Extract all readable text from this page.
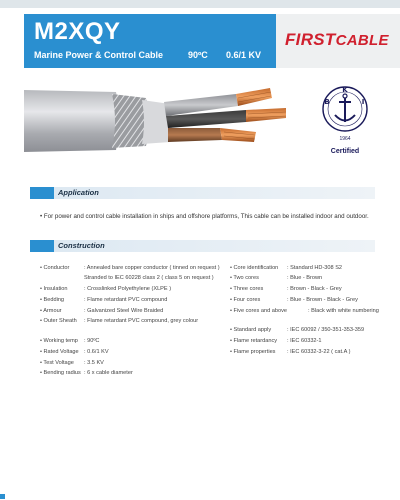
M2XQY
Marine Power & Control Cable	90ºC 0.6/1 KV
FIRSTCABLE
K
B	I
1964
Certified
Application
• For power and control cable installation in ships and offshore platforms, This cable can be installed indoor and outdoor.
Construction
• Conductor	: Annealed bare copper conductor ( tinned on request )
Stranded to IEC 60228 class 2 ( class 5 on request )
• Insulation	: Crosslinked Polyethylene (XLPE )
• Bedding	: Flame retardant PVC compound
• Armour	: Galvanized Steel Wire Braided
• Outer Sheath : Flame retardant PVC compound, grey colour
• Working temp : 90ºC
• Rated Voltage : 0.6/1 KV
• Test Voltage : 3.5 KV
• Bending radius : 6 x cable diameter
• Core identification : Standard HD-308 S2
• Two cores	: Blue - Brown
• Three cores	: Brown - Black - Grey
• Four cores	: Blue - Brown - Black - Grey
• Five cores and above	: Black with white numbering
• Standard apply	: IEC 60092 / 350-351-353-359
• Flame retardancy : IEC 60332-1
• Flame properties : IEC 60332-3-22 ( cat.A )
